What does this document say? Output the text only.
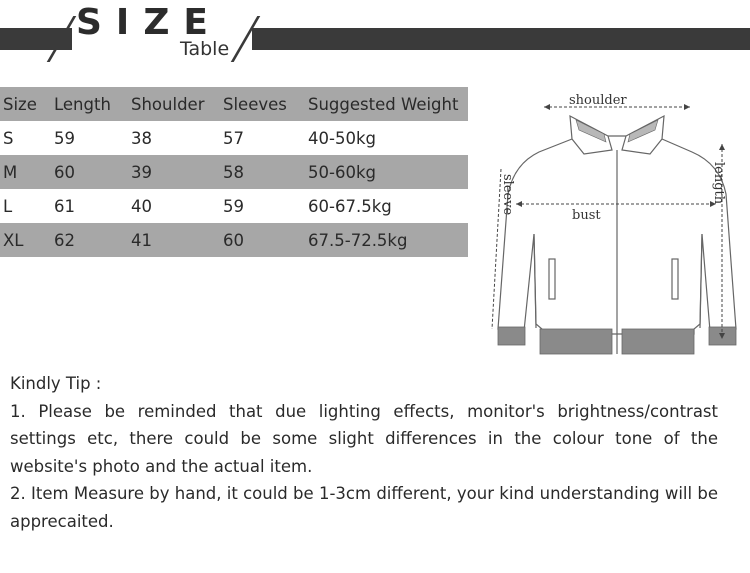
SIZE
Table
Size	Length	Shoulder	Sleeves	Suggested Weight
S	59	38	57	40-50kg
M	60	39	58	50-60kg
L	61	40	59	60-67.5kg
XL	62	41	60	67.5-72.5kg
shoulder
bust
length
sleeve

Kindly Tip :

1. Please be reminded that due lighting effects, monitor's brightness/contrast settings etc, there could be some slight differences in the colour tone of the website's photo and the actual item.

2. Item Measure by hand, it could be 1-3cm different, your kind understanding will be apprecaited.
